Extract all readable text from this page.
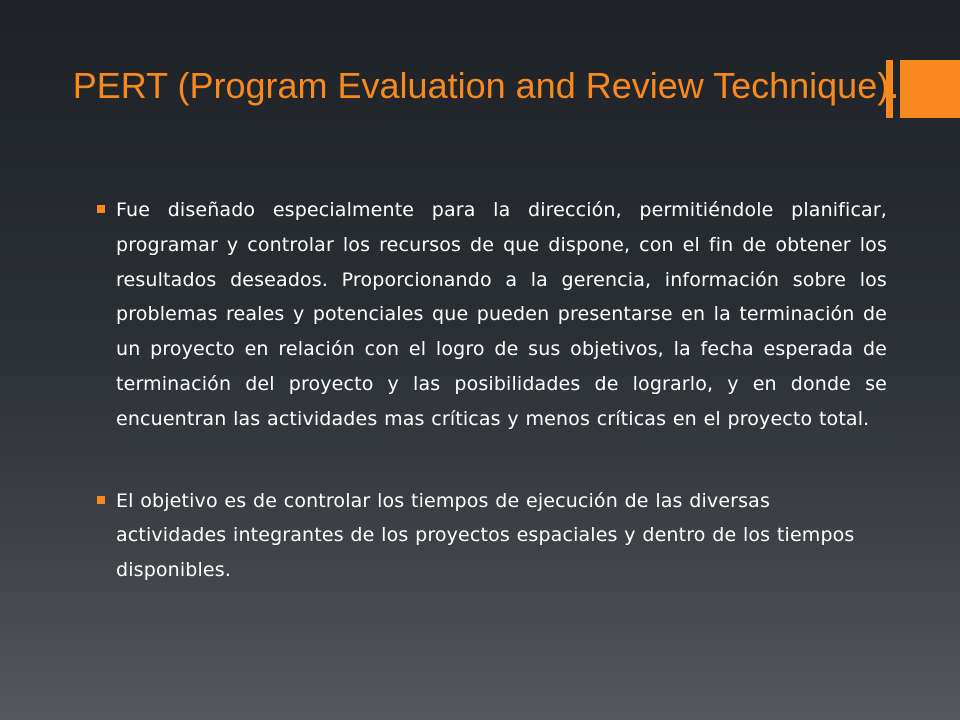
PERT (Program Evaluation and Review Technique).
Fue diseñado especialmente para la dirección, permitiéndole planificar, programar y controlar los recursos de que dispone, con el fin de obtener los resultados deseados. Proporcionando a la gerencia, información sobre los problemas reales y potenciales que pueden presentarse en la terminación de un proyecto en relación con el logro de sus objetivos, la fecha esperada de terminación del proyecto y las posibilidades de lograrlo, y en donde se encuentran las actividades mas críticas y menos críticas en el proyecto total.
El objetivo es de controlar los tiempos de ejecución de las diversas actividades integrantes de los proyectos espaciales y dentro de los tiempos disponibles.
